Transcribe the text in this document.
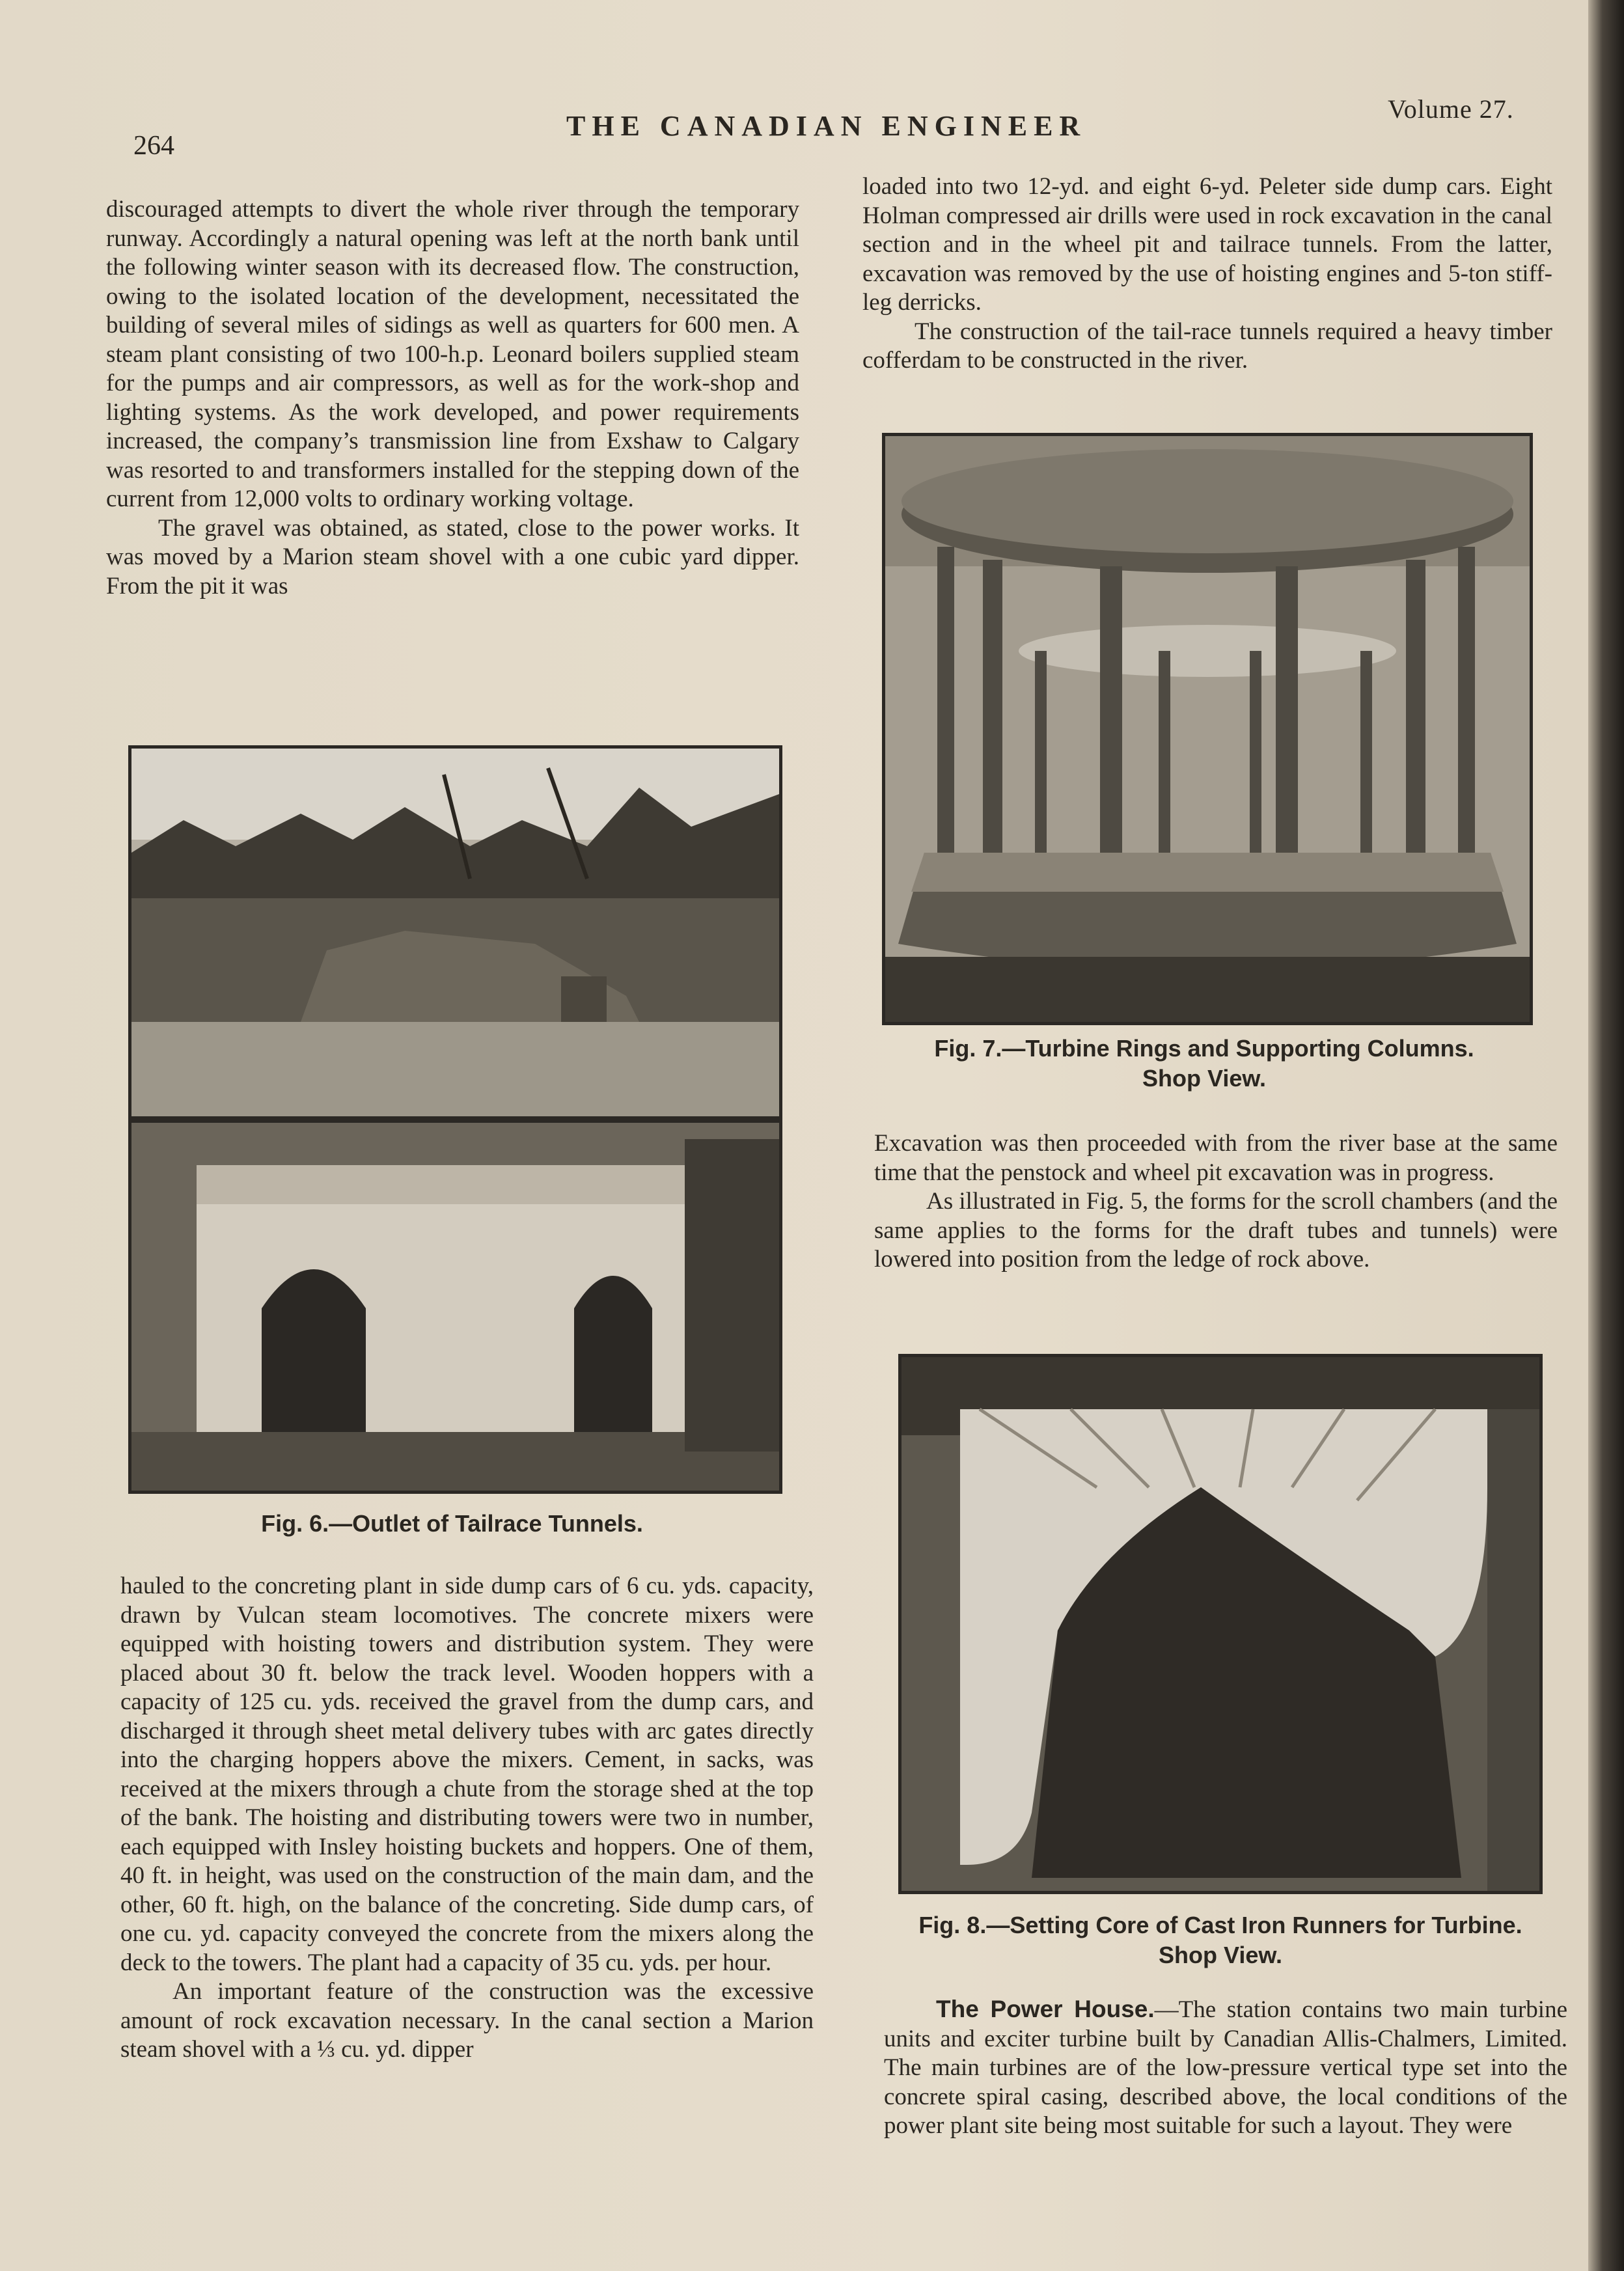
264
THE CANADIAN ENGINEER
Volume 27.

discouraged attempts to divert the whole river through the temporary runway. Accordingly a natural opening was left at the north bank until the following winter season with its decreased flow. The construction, owing to the isolated location of the development, necessitated the building of several miles of sidings as well as quarters for 600 men. A steam plant consisting of two 100-h.p. Leonard boilers supplied steam for the pumps and air compressors, as well as for the work-shop and lighting systems. As the work developed, and power requirements increased, the company’s transmission line from Exshaw to Calgary was resorted to and transformers installed for the stepping down of the current from 12,000 volts to ordinary working voltage.

The gravel was obtained, as stated, close to the power works. It was moved by a Marion steam shovel with a one cubic yard dipper. From the pit it was

Fig. 6.—Outlet of Tailrace Tunnels.

hauled to the concreting plant in side dump cars of 6 cu. yds. capacity, drawn by Vulcan steam locomotives. The concrete mixers were equipped with hoisting towers and distribution system. They were placed about 30 ft. below the track level. Wooden hoppers with a capacity of 125 cu. yds. received the gravel from the dump cars, and discharged it through sheet metal delivery tubes with arc gates directly into the charging hoppers above the mixers. Cement, in sacks, was received at the mixers through a chute from the storage shed at the top of the bank. The hoisting and distributing towers were two in number, each equipped with Insley hoisting buckets and hoppers. One of them, 40 ft. in height, was used on the construction of the main dam, and the other, 60 ft. high, on the balance of the concreting. Side dump cars, of one cu. yd. capacity conveyed the concrete from the mixers along the deck to the towers. The plant had a capacity of 35 cu. yds. per hour.

An important feature of the construction was the excessive amount of rock excavation necessary. In the canal section a Marion steam shovel with a ⅓ cu. yd. dipper

loaded into two 12-yd. and eight 6-yd. Peleter side dump cars. Eight Holman compressed air drills were used in rock excavation in the canal section and in the wheel pit and tailrace tunnels. From the latter, excavation was removed by the use of hoisting engines and 5-ton stiff-leg derricks.

The construction of the tail-race tunnels required a heavy timber cofferdam to be constructed in the river.

Fig. 7.—Turbine Rings and Supporting Columns.
Shop View.

Excavation was then proceeded with from the river base at the same time that the penstock and wheel pit excavation was in progress.

As illustrated in Fig. 5, the forms for the scroll chambers (and the same applies to the forms for the draft tubes and tunnels) were lowered into position from the ledge of rock above.

Fig. 8.—Setting Core of Cast Iron Runners for Turbine.
Shop View.

The Power House.—The station contains two main turbine units and exciter turbine built by Canadian Allis-Chalmers, Limited. The main turbines are of the low-pressure vertical type set into the concrete spiral casing, described above, the local conditions of the power plant site being most suitable for such a layout. They were
